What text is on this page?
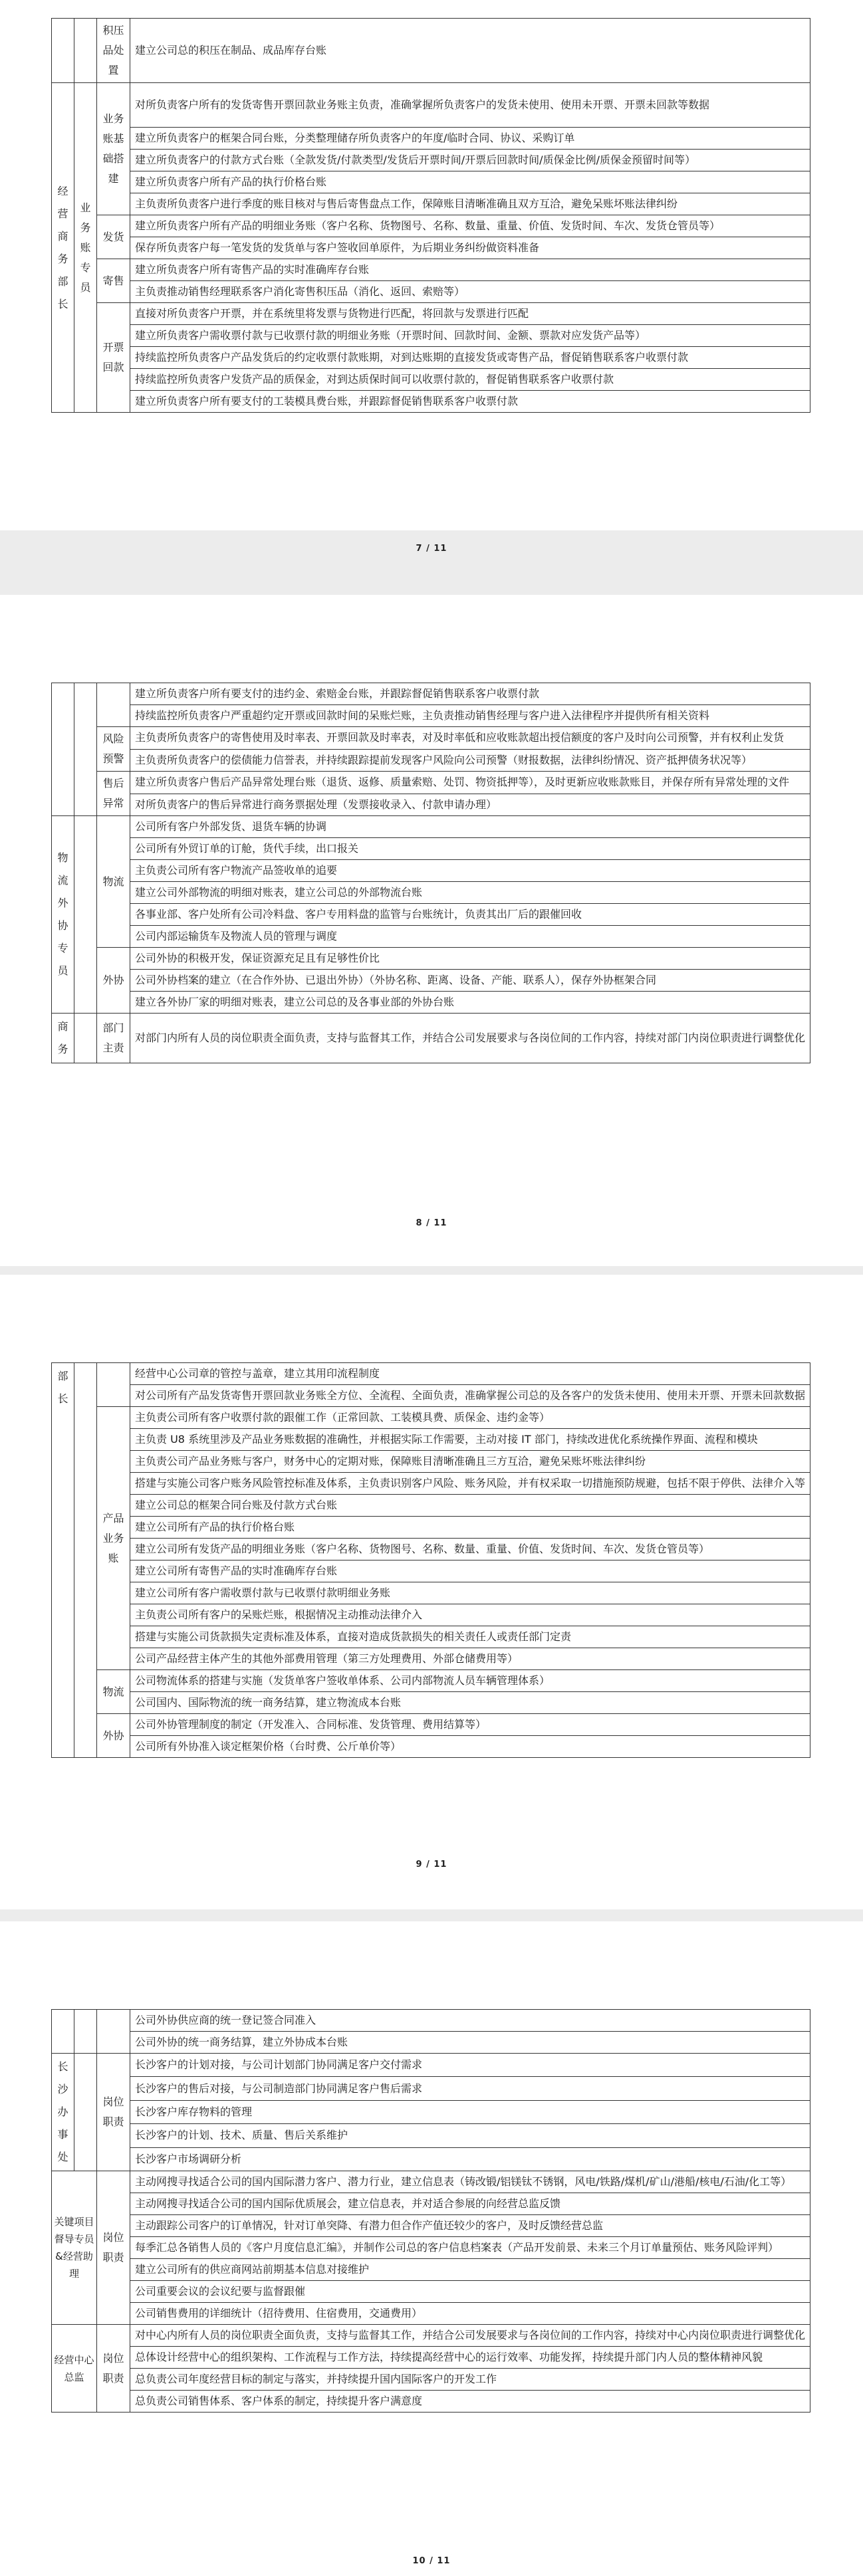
		积压品处置	建立公司总的积压在制品、成品库存台账
经营商务部长	业务账专员	业务账基础搭建	对所负责客户所有的发货寄售开票回款业务账主负责，准确掌握所负责客户的发货未使用、使用未开票、开票未回款等数据
			建立所负责客户的框架合同台账，分类整理储存所负责客户的年度/临时合同、协议、采购订单
			建立所负责客户的付款方式台账（全款发货/付款类型/发货后开票时间/开票后回款时间/质保金比例/质保金预留时间等）
			建立所负责客户所有产品的执行价格台账
			主负责所负责客户进行季度的账目核对与售后寄售盘点工作，保障账目清晰准确且双方互洽，避免呆账坏账法律纠纷
		发货	建立所负责客户所有产品的明细业务账（客户名称、货物图号、名称、数量、重量、价值、发货时间、车次、发货仓管员等）
			保存所负责客户每一笔发货的发货单与客户签收回单原件，为后期业务纠纷做资料准备
		寄售	建立所负责客户所有寄售产品的实时准确库存台账
			主负责推动销售经理联系客户消化寄售积压品（消化、返回、索赔等）
		开票回款	直接对所负责客户开票，并在系统里将发票与货物进行匹配，将回款与发票进行匹配
			建立所负责客户需收票付款与已收票付款的明细业务账（开票时间、回款时间、金额、票款对应发货产品等）
			持续监控所负责客户产品发货后的约定收票付款账期，对到达账期的直接发货或寄售产品，督促销售联系客户收票付款
			持续监控所负责客户发货产品的质保金，对到达质保时间可以收票付款的，督促销售联系客户收票付款
			建立所负责客户所有要支付的工装模具费台账，并跟踪督促销售联系客户收票付款
7 / 11
			建立所负责客户所有要支付的违约金、索赔金台账，并跟踪督促销售联系客户收票付款
			持续监控所负责客户严重超约定开票或回款时间的呆账烂账，主负责推动销售经理与客户进入法律程序并提供所有相关资料
		风险预警	主负责所负责客户的寄售使用及时率表、开票回款及时率表，对及时率低和应收账款超出授信额度的客户及时向公司预警，并有权利止发货
			主负责所负责客户的偿债能力信誉表，并持续跟踪提前发现客户风险向公司预警（财报数据，法律纠纷情况、资产抵押债务状况等）
		售后异常	建立所负责客户售后产品异常处理台账（退货、返修、质量索赔、处罚、物资抵押等），及时更新应收账款账目，并保存所有异常处理的文件
			对所负责客户的售后异常进行商务票据处理（发票接收录入、付款申请办理）
物流外协专员		物流	公司所有客户外部发货、退货车辆的协调
			公司所有外贸订单的订舱，货代手续，出口报关
			主负责公司所有客户物流产品签收单的追要
			建立公司外部物流的明细对账表，建立公司总的外部物流台账
			各事业部、客户处所有公司冷料盘、客户专用料盘的监管与台账统计，负责其出厂后的跟催回收
			公司内部运输货车及物流人员的管理与调度
		外协	公司外协的积极开发，保证资源充足且有足够性价比
			公司外协档案的建立（在合作外协、已退出外协）（外协名称、距离、设备、产能、联系人），保存外协框架合同
			建立各外协厂家的明细对账表，建立公司总的及各事业部的外协台账
商务		部门主责	对部门内所有人员的岗位职责全面负责，支持与监督其工作，并结合公司发展要求与各岗位间的工作内容，持续对部门内岗位职责进行调整优化
8 / 11
部长			经营中心公司章的管控与盖章，建立其用印流程制度
			对公司所有产品发货寄售开票回款业务账全方位、全流程、全面负责，准确掌握公司总的及各客户的发货未使用、使用未开票、开票未回款数据
		产品业务账	主负责公司所有客户收票付款的跟催工作（正常回款、工装模具费、质保金、违约金等）
			主负责 U8 系统里涉及产品业务账数据的准确性，并根据实际工作需要，主动对接 IT 部门，持续改进优化系统操作界面、流程和模块
			主负责公司产品业务账与客户，财务中心的定期对账，保障账目清晰准确且三方互洽，避免呆账坏账法律纠纷
			搭建与实施公司客户账务风险管控标准及体系，主负责识别客户风险、账务风险，并有权采取一切措施预防规避，包括不限于停供、法律介入等
			建立公司总的框架合同台账及付款方式台账
			建立公司所有产品的执行价格台账
			建立公司所有发货产品的明细业务账（客户名称、货物图号、名称、数量、重量、价值、发货时间、车次、发货仓管员等）
			建立公司所有寄售产品的实时准确库存台账
			建立公司所有客户需收票付款与已收票付款明细业务账
			主负责公司所有客户的呆账烂账，根据情况主动推动法律介入
			搭建与实施公司货款损失定责标准及体系，直接对造成货款损失的相关责任人或责任部门定责
			公司产品经营主体产生的其他外部费用管理（第三方处理费用、外部仓储费用等）
		物流	公司物流体系的搭建与实施（发货单客户签收单体系、公司内部物流人员车辆管理体系）
			公司国内、国际物流的统一商务结算，建立物流成本台账
		外协	公司外协管理制度的制定（开发准入、合同标准、发货管理、费用结算等）
			公司所有外协准入谈定框架价格（台时费、公斤单价等）
9 / 11
			公司外协供应商的统一登记签合同准入
			公司外协的统一商务结算，建立外协成本台账
长沙办事处		岗位职责	长沙客户的计划对接，与公司计划部门协同满足客户交付需求
			长沙客户的售后对接，与公司制造部门协同满足客户售后需求
			长沙客户库存物料的管理
			长沙客户的计划、技术、质量、售后关系维护
			长沙客户市场调研分析
关键项目督导专员&经营助理		岗位职责	主动网搜寻找适合公司的国内国际潜力客户、潜力行业，建立信息表（铸改锻/铝镁钛不锈钢，风电/铁路/煤机/矿山/港船/核电/石油/化工等）
			主动网搜寻找适合公司的国内国际优质展会，建立信息表，并对适合参展的向经营总监反馈
			主动跟踪公司客户的订单情况，针对订单突降、有潜力但合作产值还较少的客户，及时反馈经营总监
			每季汇总各销售人员的《客户月度信息汇编》，并制作公司总的客户信息档案表（产品开发前景、未来三个月订单量预估、账务风险评判）
			建立公司所有的供应商网站前期基本信息对接维护
			公司重要会议的会议纪要与监督跟催
			公司销售费用的详细统计（招待费用、住宿费用，交通费用）
经营中心总监		岗位职责	对中心内所有人员的岗位职责全面负责，支持与监督其工作，并结合公司发展要求与各岗位间的工作内容，持续对中心内岗位职责进行调整优化
			总体设计经营中心的组织架构、工作流程与工作方法，持续提高经营中心的运行效率、功能发挥，持续提升部门内人员的整体精神风貌
			总负责公司年度经营目标的制定与落实，并持续提升国内国际客户的开发工作
			总负责公司销售体系、客户体系的制定，持续提升客户满意度
10 / 11
